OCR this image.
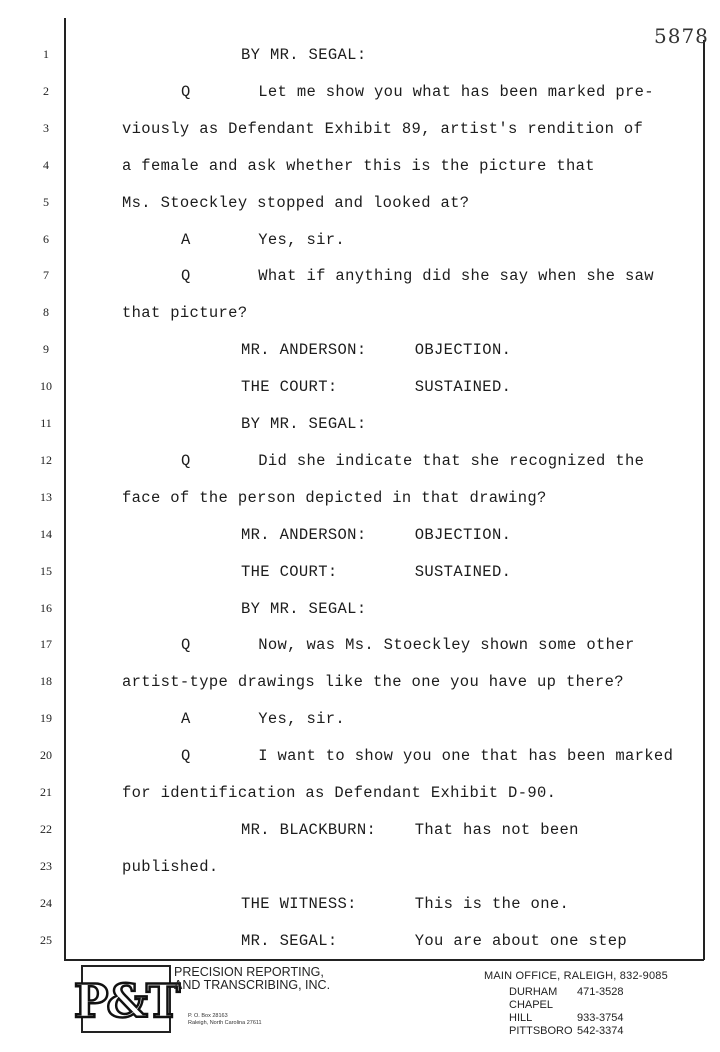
5878
1	BY MR. SEGAL:
2	Q       Let me show you what has been marked pre-
3	viously as Defendant Exhibit 89, artist's rendition of
4	a female and ask whether this is the picture that
5	Ms. Stoeckley stopped and looked at?
6	A       Yes, sir.
7	Q       What if anything did she say when she saw
8	that picture?
9	MR. ANDERSON:     OBJECTION.
10	THE COURT:        SUSTAINED.
11	BY MR. SEGAL:
12	Q       Did she indicate that she recognized the
13	face of the person depicted in that drawing?
14	MR. ANDERSON:     OBJECTION.
15	THE COURT:        SUSTAINED.
16	BY MR. SEGAL:
17	Q       Now, was Ms. Stoeckley shown some other
18	artist-type drawings like the one you have up there?
19	A       Yes, sir.
20	Q       I want to show you one that has been marked
21	for identification as Defendant Exhibit D-90.
22	MR. BLACKBURN:    That has not been
23	published.
24	THE WITNESS:      This is the one.
25	MR. SEGAL:        You are about one step
P&T
PRECISION REPORTING,
AND TRANSCRIBING, INC.
P. O. Box 28163
Raleigh, North Carolina 27611
MAIN OFFICE, RALEIGH, 832-9085
DURHAM 471-3528
CHAPEL HILL	933-3754
PITTSBORO 542-3374
